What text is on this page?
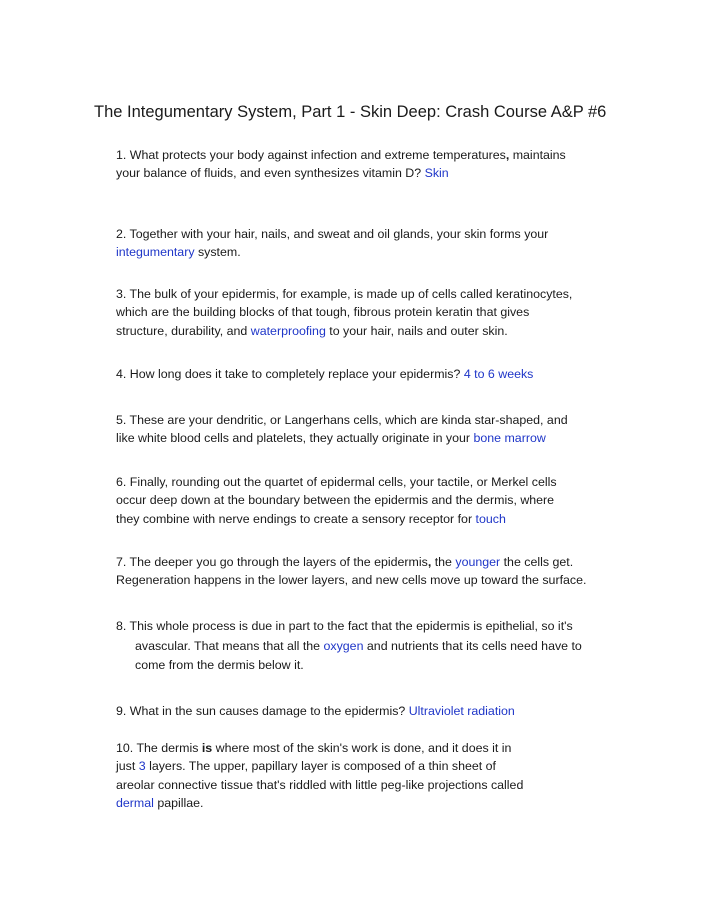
The Integumentary System, Part 1 - Skin Deep: Crash Course A&P #6
1. What protects your body against infection and extreme temperatures, maintains
your balance of fluids, and even synthesizes vitamin D? Skin
2. Together with your hair, nails, and sweat and oil glands, your skin forms your
integumentary system.
3. The bulk of your epidermis, for example, is made up of cells called keratinocytes,
which are the building blocks of that tough, fibrous protein keratin that gives
structure, durability, and waterproofing to your hair, nails and outer skin.
4. How long does it take to completely replace your epidermis? 4 to 6 weeks
5. These are your dendritic, or Langerhans cells, which are kinda star-shaped, and
like white blood cells and platelets, they actually originate in your bone marrow
6. Finally, rounding out the quartet of epidermal cells, your tactile, or Merkel cells
occur deep down at the boundary between the epidermis and the dermis, where
they combine with nerve endings to create a sensory receptor for touch
7. The deeper you go through the layers of the epidermis, the younger the cells get.
Regeneration happens in the lower layers, and new cells move up toward the surface.
8. This whole process is due in part to the fact that the epidermis is epithelial, so it's
avascular. That means that all the oxygen and nutrients that its cells need have to
come from the dermis below it.
9. What in the sun causes damage to the epidermis? Ultraviolet radiation
10. The dermis is where most of the skin's work is done, and it does it in
just 3 layers. The upper, papillary layer is composed of a thin sheet of
areolar connective tissue that's riddled with little peg-like projections called
dermal papillae.
